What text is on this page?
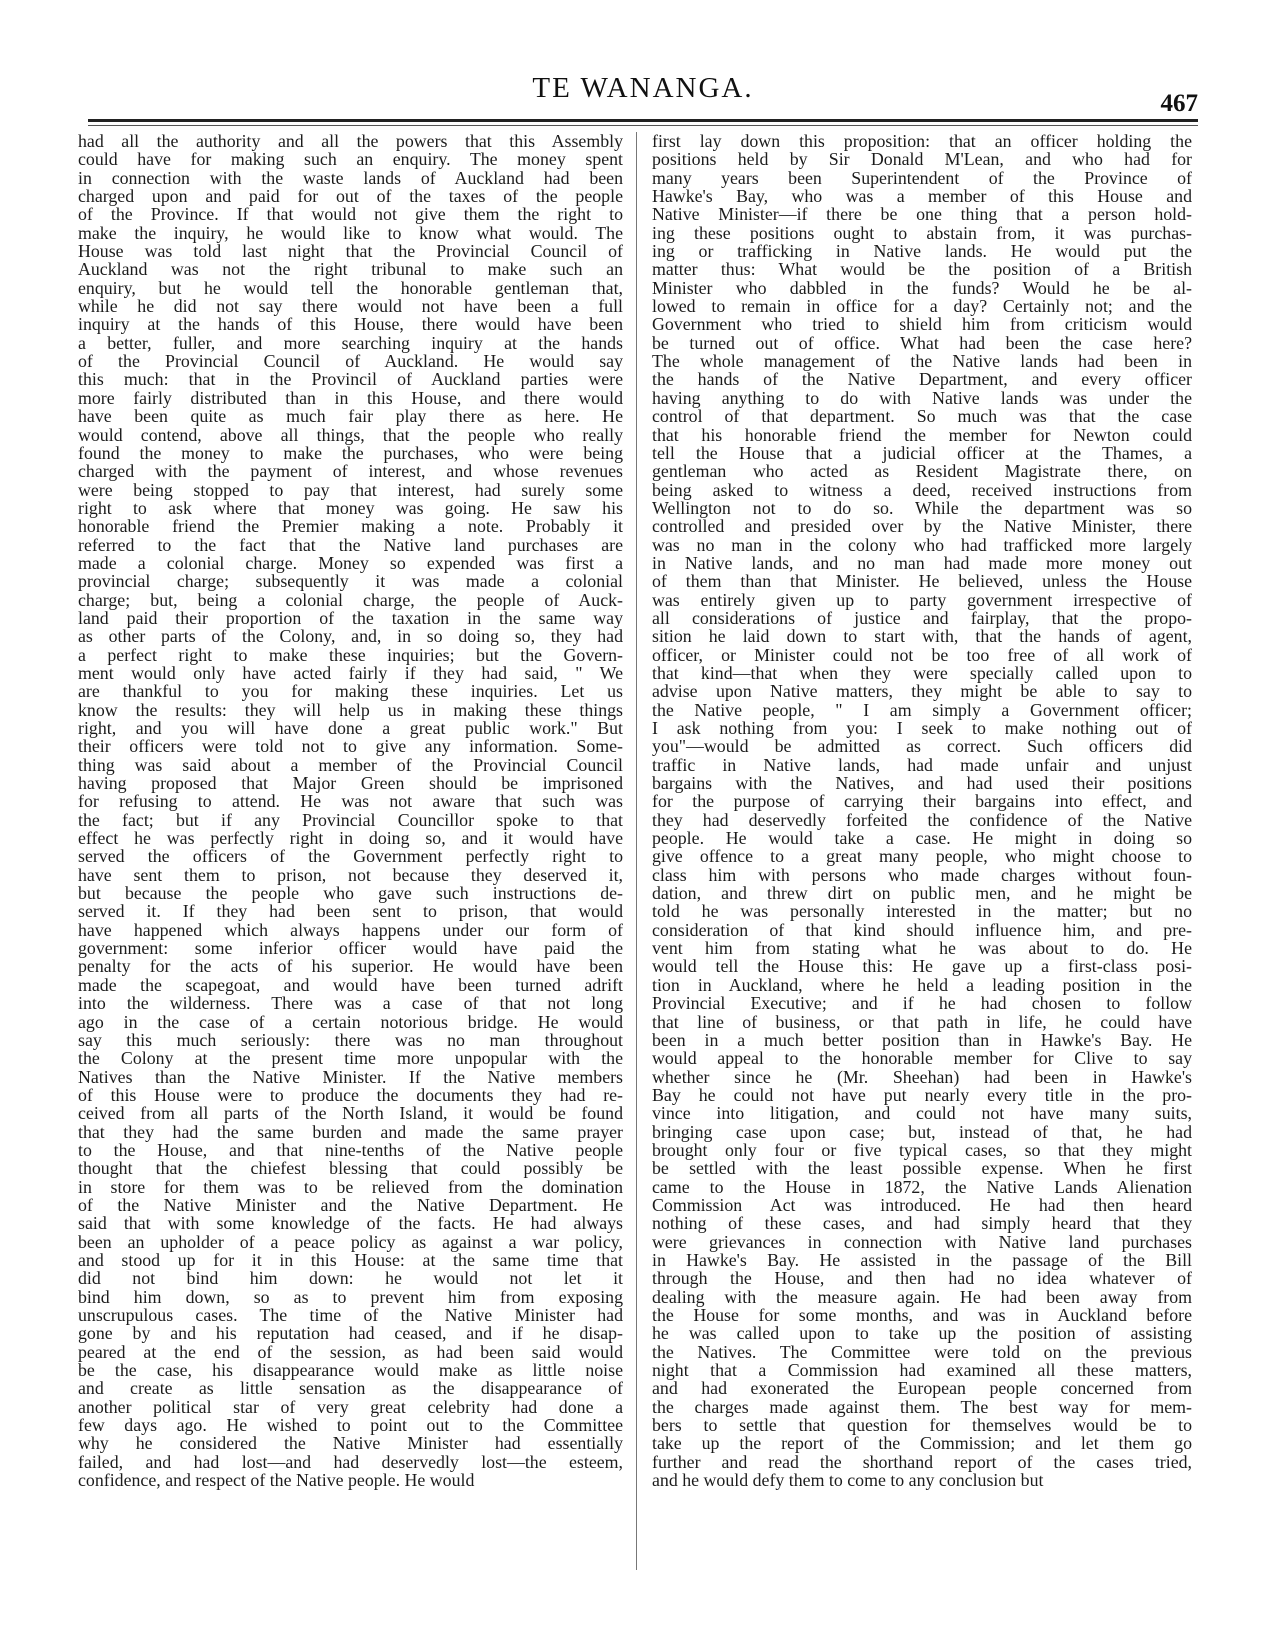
TE WANANGA.	467
had all the authority and all the powers that this Assembly
could have for making such an enquiry. The money spent
in connection with the waste lands of Auckland had been
charged upon and paid for out of the taxes of the people
of the Province. If that would not give them the right to
make the inquiry, he would like to know what would. The
House was told last night that the Provincial Council of
Auckland was not the right tribunal to make such an
enquiry, but he would tell the honorable gentleman that,
while he did not say there would not have been a full
inquiry at the hands of this House, there would have been
a better, fuller, and more searching inquiry at the hands
of the Provincial Council of Auckland. He would say
this much: that in the Provincil of Auckland parties were
more fairly distributed than in this House, and there would
have been quite as much fair play there as here. He
would contend, above all things, that the people who really
found the money to make the purchases, who were being
charged with the payment of interest, and whose revenues
were being stopped to pay that interest, had surely some
right to ask where that money was going. He saw his
honorable friend the Premier making a note. Probably it
referred to the fact that the Native land purchases are
made a colonial charge. Money so expended was first a
provincial charge; subsequently it was made a colonial
charge; but, being a colonial charge, the people of Auck-
land paid their proportion of the taxation in the same way
as other parts of the Colony, and, in so doing so, they had
a perfect right to make these inquiries; but the Govern-
ment would only have acted fairly if they had said, " We
are thankful to you for making these inquiries. Let us
know the results: they will help us in making these things
right, and you will have done a great public work." But
their officers were told not to give any information. Some-
thing was said about a member of the Provincial Council
having proposed that Major Green should be imprisoned
for refusing to attend. He was not aware that such was
the fact; but if any Provincial Councillor spoke to that
effect he was perfectly right in doing so, and it would have
served the officers of the Government perfectly right to
have sent them to prison, not because they deserved it,
but because the people who gave such instructions de-
served it. If they had been sent to prison, that would
have happened which always happens under our form of
government: some inferior officer would have paid the
penalty for the acts of his superior. He would have been
made the scapegoat, and would have been turned adrift
into the wilderness. There was a case of that not long
ago in the case of a certain notorious bridge. He would
say this much seriously: there was no man throughout
the Colony at the present time more unpopular with the
Natives than the Native Minister. If the Native members
of this House were to produce the documents they had re-
ceived from all parts of the North Island, it would be found
that they had the same burden and made the same prayer
to the House, and that nine-tenths of the Native people
thought that the chiefest blessing that could possibly be
in store for them was to be relieved from the domination
of the Native Minister and the Native Department. He
said that with some knowledge of the facts. He had always
been an upholder of a peace policy as against a war policy,
and stood up for it in this House: at the same time that
did not bind him down: he would not let it
bind him down, so as to prevent him from exposing
unscrupulous cases. The time of the Native Minister had
gone by and his reputation had ceased, and if he disap-
peared at the end of the session, as had been said would
be the case, his disappearance would make as little noise
and create as little sensation as the disappearance of
another political star of very great celebrity had done a
few days ago. He wished to point out to the Committee
why he considered the Native Minister had essentially
failed, and had lost—and had deservedly lost—the esteem,
confidence, and respect of the Native people. He would
first lay down this proposition: that an officer holding the
positions held by Sir Donald M'Lean, and who had for
many years been Superintendent of the Province of
Hawke's Bay, who was a member of this House and
Native Minister—if there be one thing that a person hold-
ing these positions ought to abstain from, it was purchas-
ing or trafficking in Native lands. He would put the
matter thus: What would be the position of a British
Minister who dabbled in the funds? Would he be al-
lowed to remain in office for a day? Certainly not; and the
Government who tried to shield him from criticism would
be turned out of office. What had been the case here?
The whole management of the Native lands had been in
the hands of the Native Department, and every officer
having anything to do with Native lands was under the
control of that department. So much was that the case
that his honorable friend the member for Newton could
tell the House that a judicial officer at the Thames, a
gentleman who acted as Resident Magistrate there, on
being asked to witness a deed, received instructions from
Wellington not to do so. While the department was so
controlled and presided over by the Native Minister, there
was no man in the colony who had trafficked more largely
in Native lands, and no man had made more money out
of them than that Minister. He believed, unless the House
was entirely given up to party government irrespective of
all considerations of justice and fairplay, that the propo-
sition he laid down to start with, that the hands of agent,
officer, or Minister could not be too free of all work of
that kind—that when they were specially called upon to
advise upon Native matters, they might be able to say to
the Native people, " I am simply a Government officer;
I ask nothing from you: I seek to make nothing out of
you"—would be admitted as correct. Such officers did
traffic in Native lands, had made unfair and unjust
bargains with the Natives, and had used their positions
for the purpose of carrying their bargains into effect, and
they had deservedly forfeited the confidence of the Native
people. He would take a case. He might in doing so
give offence to a great many people, who might choose to
class him with persons who made charges without foun-
dation, and threw dirt on public men, and he might be
told he was personally interested in the matter; but no
consideration of that kind should influence him, and pre-
vent him from stating what he was about to do. He
would tell the House this: He gave up a first-class posi-
tion in Auckland, where he held a leading position in the
Provincial Executive; and if he had chosen to follow
that line of business, or that path in life, he could have
been in a much better position than in Hawke's Bay. He
would appeal to the honorable member for Clive to say
whether since he (Mr. Sheehan) had been in Hawke's
Bay he could not have put nearly every title in the pro-
vince into litigation, and could not have many suits,
bringing case upon case; but, instead of that, he had
brought only four or five typical cases, so that they might
be settled with the least possible expense. When he first
came to the House in 1872, the Native Lands Alienation
Commission Act was introduced. He had then heard
nothing of these cases, and had simply heard that they
were grievances in connection with Native land purchases
in Hawke's Bay. He assisted in the passage of the Bill
through the House, and then had no idea whatever of
dealing with the measure again. He had been away from
the House for some months, and was in Auckland before
he was called upon to take up the position of assisting
the Natives. The Committee were told on the previous
night that a Commission had examined all these matters,
and had exonerated the European people concerned from
the charges made against them. The best way for mem-
bers to settle that question for themselves would be to
take up the report of the Commission; and let them go
further and read the shorthand report of the cases tried,
and he would defy them to come to any conclusion but
